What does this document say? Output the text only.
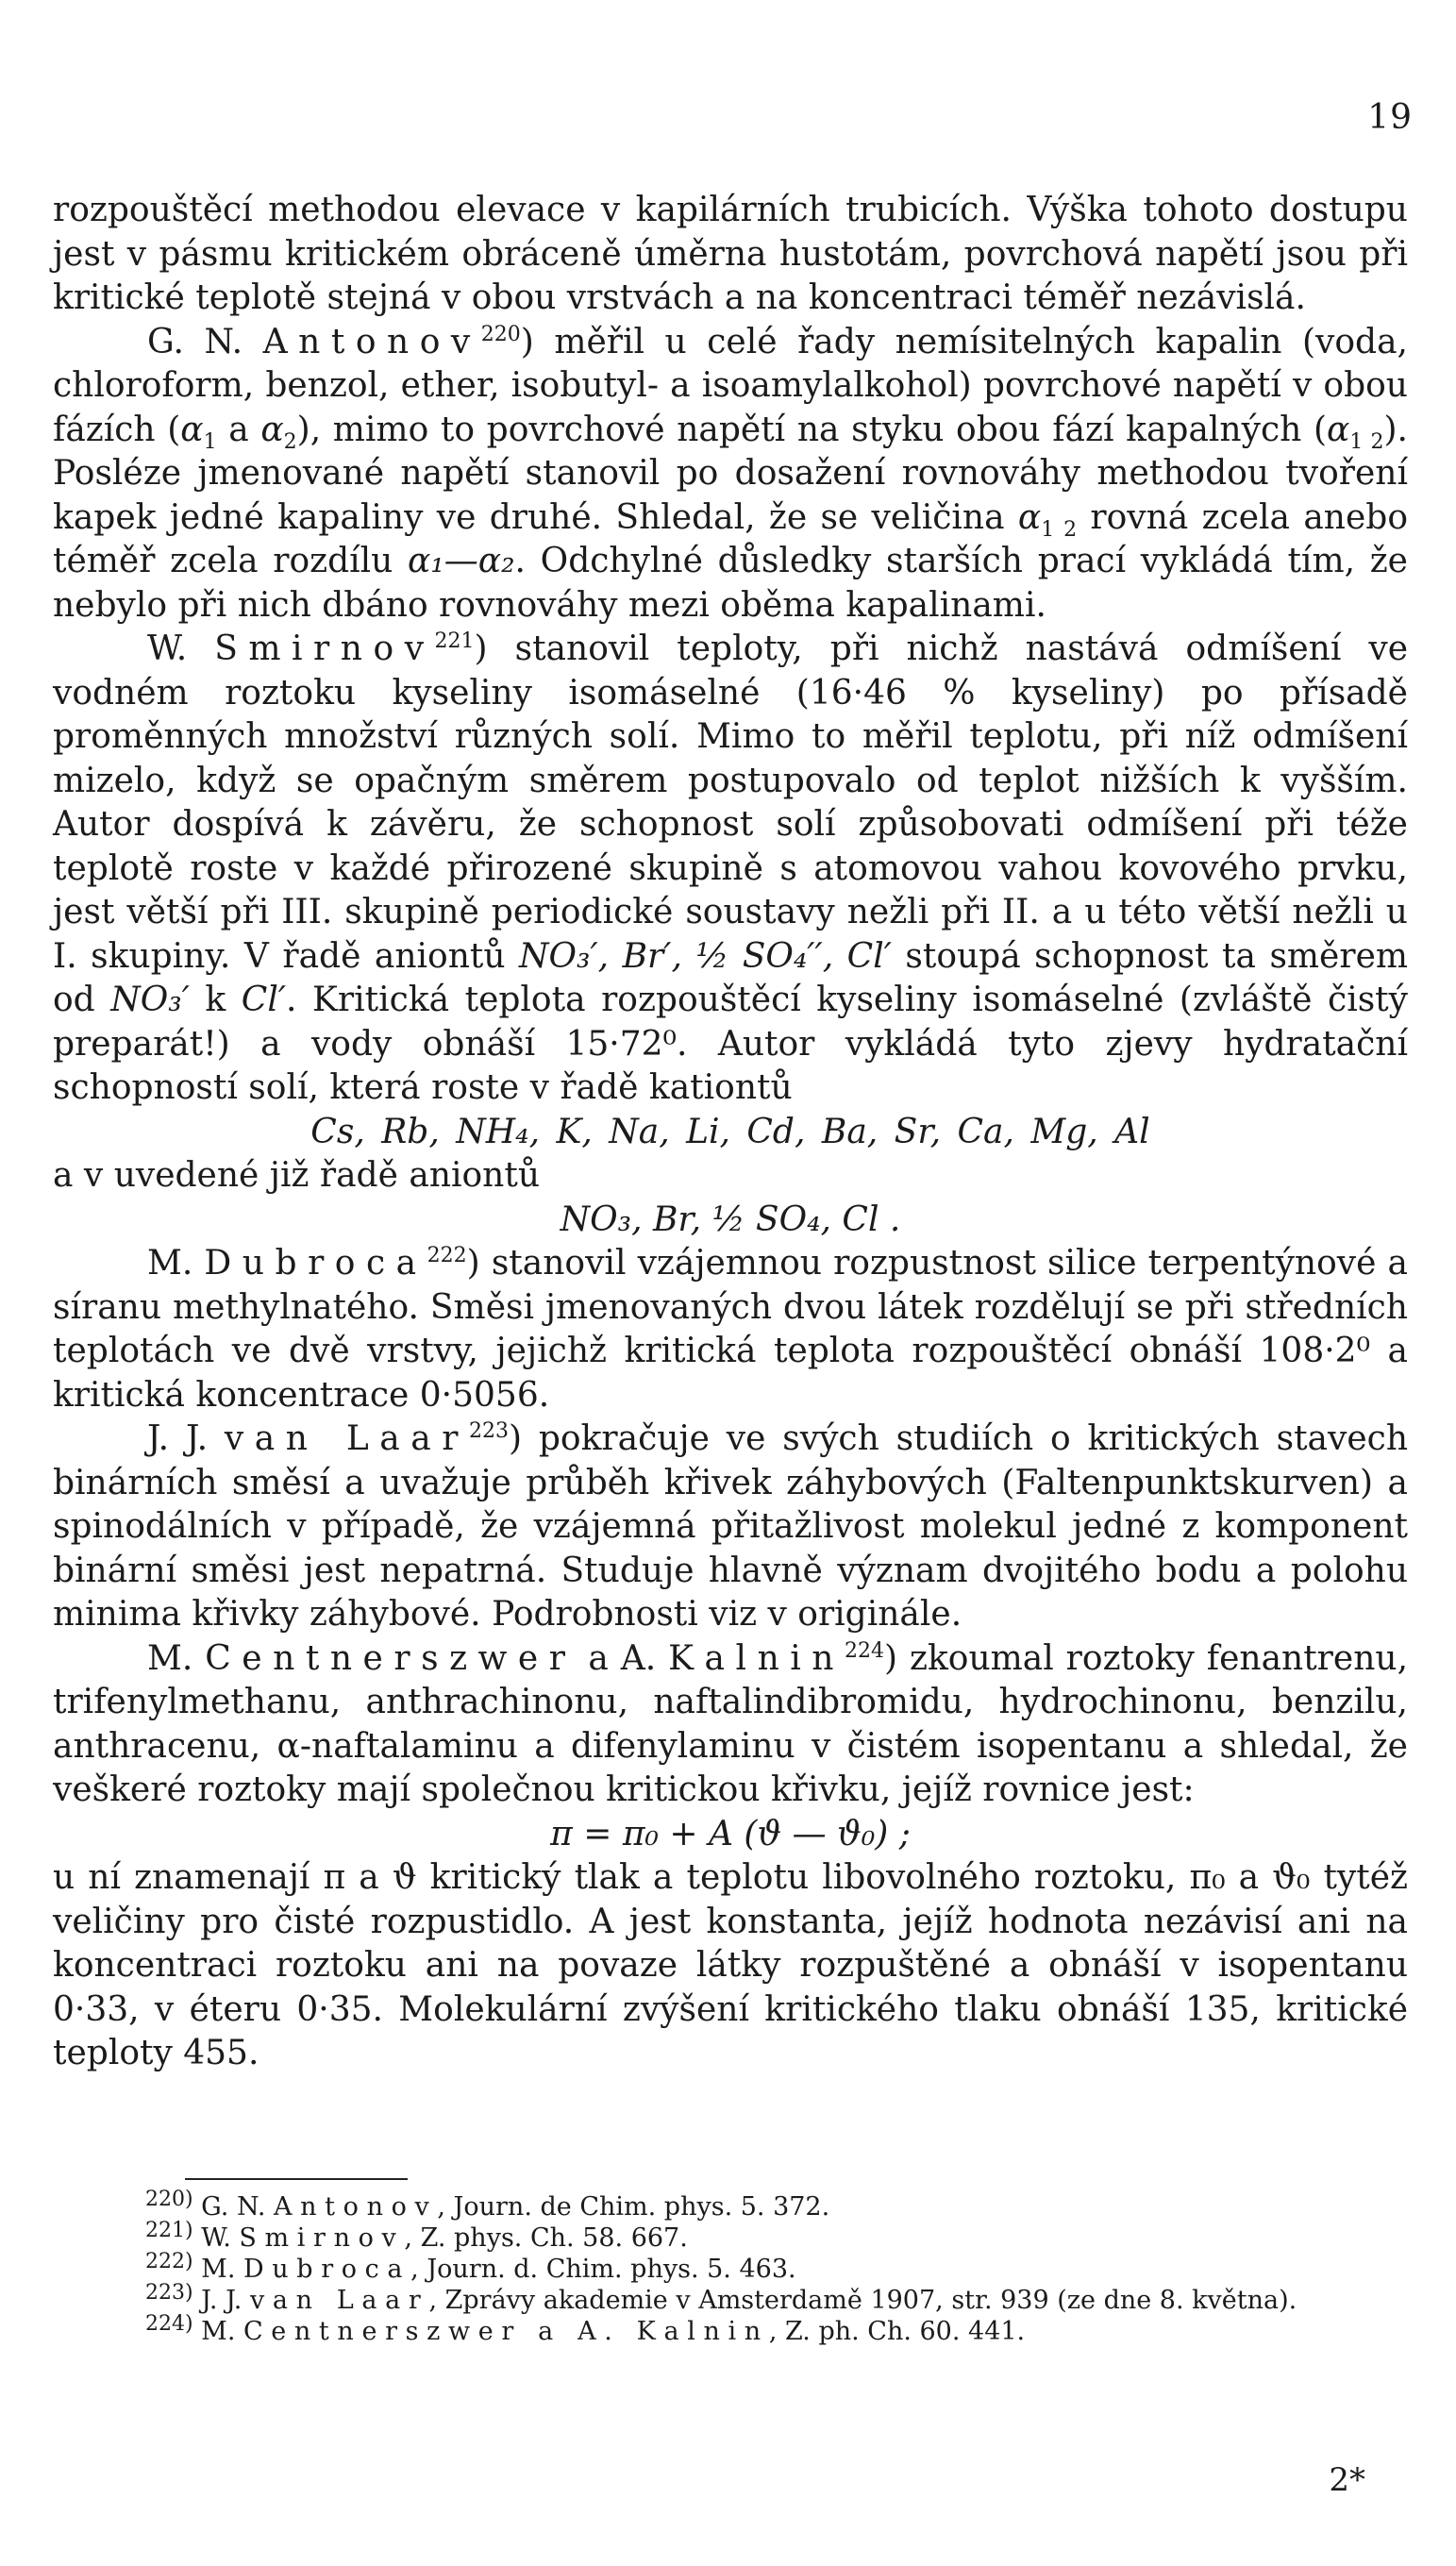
19

rozpouštěcí methodou elevace v kapilárních trubicích. Výška tohoto dostupu jest v pásmu kritickém obráceně úměrna hustotám, povrchová napětí jsou při kritické teplotě stejná v obou vrstvách a na koncentraci téměř nezávislá.

G. N. Antonov$^{220}$) měřil u celé řady nemísitelných kapalin (voda, chloroform, benzol, ether, isobutyl- a isoamylalkohol) povrchové napětí v obou fázích ($\alpha_1$ a $\alpha_2$), mimo to povrchové napětí na styku obou fází kapalných $(\alpha_{1 2})$. Posléze jmenované napětí stanovil po dosažení rovnováhy methodou tvoření kapek jedné kapaliny ve druhé. Shledal, že se veličina $\alpha_{1 2}$ rovná zcela anebo téměř zcela rozdílu α₁—α₂. Odchylné důsledky starších prací vykládá tím, že nebylo při nich dbáno rovnováhy mezi oběma kapalinami.

W. Smirnov$^{221}$) stanovil teploty, při nichž nastává odmíšení ve vodném roztoku kyseliny isomáselné (16·46 % kyseliny) po přísadě proměnných množství různých solí. Mimo to měřil teplotu, při níž odmíšení mizelo, když se opačným směrem postupovalo od teplot nižších k vyšším. Autor dospívá k závěru, že schopnost solí způsobovati odmíšení při téže teplotě roste v každé přirozené skupině s atomovou vahou kovového prvku, jest větší při III. skupině periodické soustavy nežli při II. a u této větší nežli u I. skupiny. V řadě aniontů NO₃′, Br′, ½ SO₄′′, Cl′ stoupá schopnost ta směrem od NO₃′ k Cl′. Kritická teplota rozpouštěcí kyseliny isomáselné (zvláště čistý preparát!) a vody obnáší 15·72⁰. Autor vykládá tyto zjevy hydratační schopností solí, která roste v řadě kationtů

Cs, Rb, NH₄, K, Na, Li, Cd, Ba, Sr, Ca, Mg, Al

a v uvedené již řadě aniontů

NO₃, Br, ½ SO₄, Cl .

M. Dubroca$^{222}$) stanovil vzájemnou rozpustnost silice terpentýnové a síranu methylnatého. Směsi jmenovaných dvou látek rozdělují se při středních teplotách ve dvě vrstvy, jejichž kritická teplota rozpouštěcí obnáší 108·2⁰ a kritická koncentrace 0·5056.

J. J. van Laar$^{223}$) pokračuje ve svých studiích o kritických stavech binárních směsí a uvažuje průběh křivek záhybových (Faltenpunktskurven) a spinodálních v případě, že vzájemná přitažlivost molekul jedné z komponent binární směsi jest nepatrná. Studuje hlavně význam dvojitého bodu a polohu minima křivky záhybové. Podrobnosti viz v originále.

M. Centnerszwer a A. Kalnin$^{224}$) zkoumal roztoky fenantrenu, trifenylmethanu, anthrachinonu, naftalindibromidu, hydrochinonu, benzilu, anthracenu, α-naftalaminu a difenylaminu v čistém isopentanu a shledal, že veškeré roztoky mají společnou kritickou křivku, jejíž rovnice jest:

π = π₀ + A (ϑ — ϑ₀) ;

u ní znamenají π a ϑ kritický tlak a teplotu libovolného roztoku, π₀ a ϑ₀ tytéž veličiny pro čisté rozpustidlo. A jest konstanta, jejíž hodnota nezávisí ani na koncentraci roztoku ani na povaze látky rozpuštěné a obnáší v isopentanu 0·33, v éteru 0·35. Molekulární zvýšení kritického tlaku obnáší 135, kritické teploty 455.

$^{220)}$ G. N. Antonov, Journ. de Chim. phys. 5. 372.

$^{221)}$ W. Smirnov, Z. phys. Ch. 58. 667.

$^{222)}$ M. Dubroca, Journ. d. Chim. phys. 5. 463.

$^{223)}$ J. J. van Laar, Zprávy akademie v Amsterdamě 1907, str. 939 (ze dne 8. května).

$^{224)}$ M. Centnerszwer a A. Kalnin, Z. ph. Ch. 60. 441.

2*
